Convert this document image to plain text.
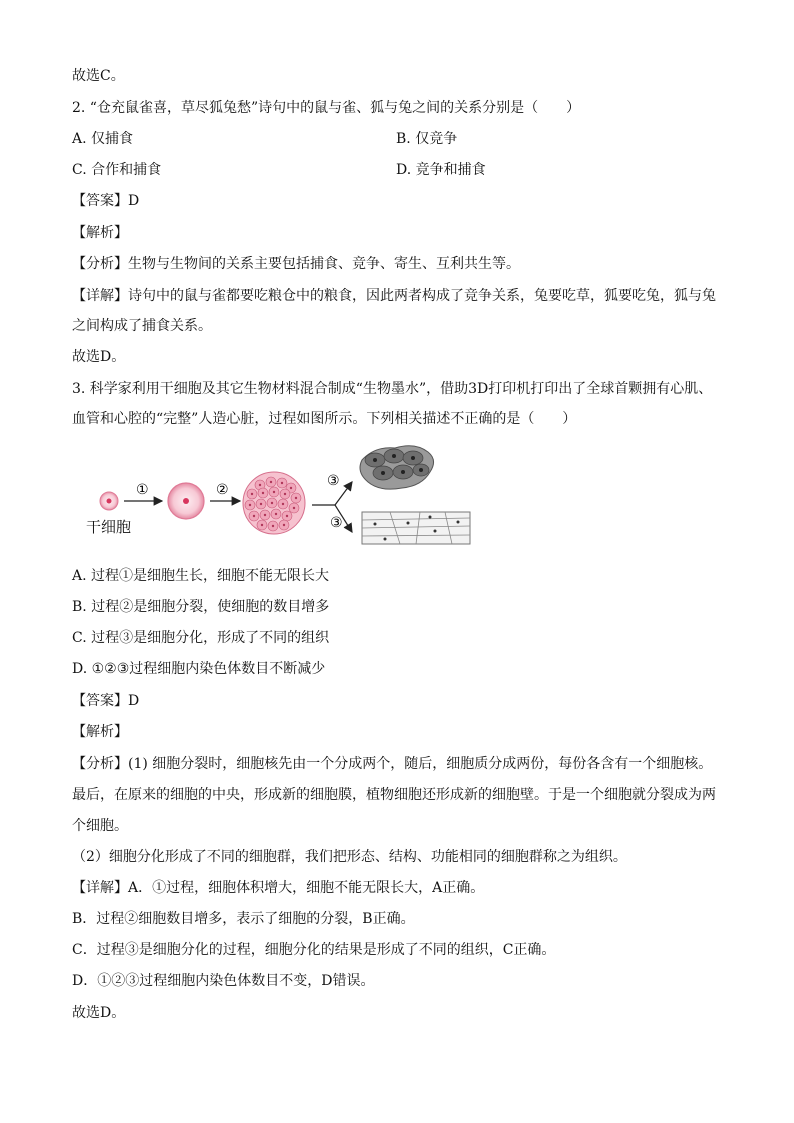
故选C。
2. “仓充鼠雀喜，草尽狐兔愁”诗句中的鼠与雀、狐与兔之间的关系分别是（　　）
A. 仅捕食	B. 仅竞争
C. 合作和捕食	D. 竞争和捕食
【答案】D
【解析】
【分析】生物与生物间的关系主要包括捕食、竞争、寄生、互利共生等。
【详解】诗句中的鼠与雀都要吃粮仓中的粮食，因此两者构成了竞争关系，兔要吃草，狐要吃兔，狐与兔
之间构成了捕食关系。
故选D。
3. 科学家利用干细胞及其它生物材料混合制成“生物墨水”，借助3D打印机打印出了全球首颗拥有心肌、
血管和心腔的“完整”人造心脏，过程如图所示。下列相关描述不正确的是（　　）
①	②
③
③
干细胞
A. 过程①是细胞生长，细胞不能无限长大
B. 过程②是细胞分裂，使细胞的数目增多
C. 过程③是细胞分化，形成了不同的组织
D. ①②③过程细胞内染色体数目不断减少
【答案】D
【解析】
【分析】(1) 细胞分裂时，细胞核先由一个分成两个，随后，细胞质分成两份，每份各含有一个细胞核。
最后，在原来的细胞的中央，形成新的细胞膜，植物细胞还形成新的细胞壁。于是一个细胞就分裂成为两
个细胞。
（2）细胞分化形成了不同的细胞群，我们把形态、结构、功能相同的细胞群称之为组织。
【详解】A．①过程，细胞体积增大，细胞不能无限长大，A正确。
B．过程②细胞数目增多，表示了细胞的分裂，B正确。
C．过程③是细胞分化的过程，细胞分化的结果是形成了不同的组织，C正确。
D．①②③过程细胞内染色体数目不变，D错误。
故选D。
